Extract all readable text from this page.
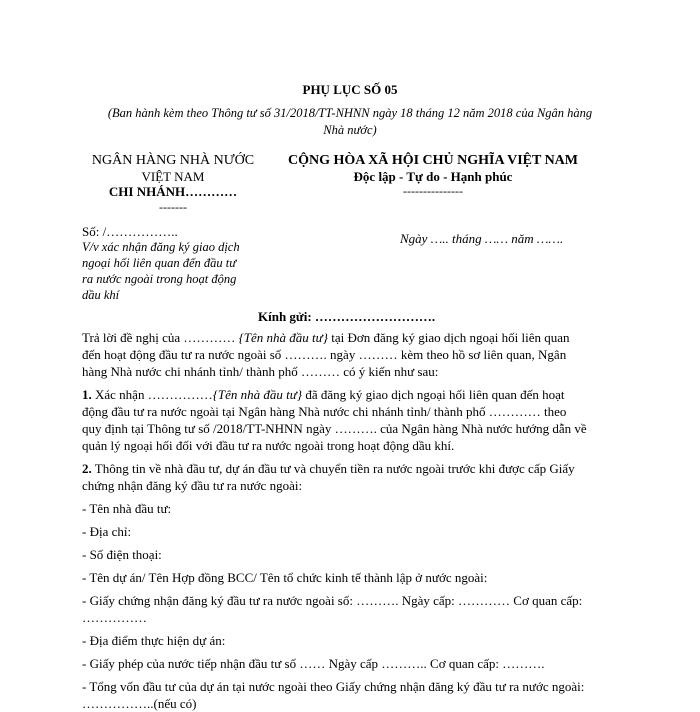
PHỤ LỤC SỐ 05
(Ban hành kèm theo Thông tư số 31/2018/TT-NHNN ngày 18 tháng 12 năm 2018 của Ngân hàng
Nhà nước)
NGÂN HÀNG NHÀ NƯỚC
VIỆT NAM
CHI NHÁNH…………
-------
CỘNG HÒA XÃ HỘI CHỦ NGHĨA VIỆT NAM
Độc lập - Tự do - Hạnh phúc
---------------
Số: /……………..
V/v xác nhận đăng ký giao dịch
ngoại hối liên quan đến đầu tư
ra nước ngoài trong hoạt động
dầu khí
Ngày ….. tháng …… năm …….
Kính gửi: ……………………….
Trả lời đề nghị của ………… {Tên nhà đầu tư} tại Đơn đăng ký giao dịch ngoại hối liên quan
đến hoạt động đầu tư ra nước ngoài số ………. ngày ……… kèm theo hồ sơ liên quan, Ngân
hàng Nhà nước chi nhánh tỉnh/ thành phố ……… có ý kiến như sau:
1. Xác nhận ……………{Tên nhà đầu tư} đã đăng ký giao dịch ngoại hối liên quan đến hoạt
động đầu tư ra nước ngoài tại Ngân hàng Nhà nước chi nhánh tỉnh/ thành phố ………… theo
quy định tại Thông tư số /2018/TT-NHNN ngày ………. của Ngân hàng Nhà nước hướng dẫn về
quản lý ngoại hối đối với đầu tư ra nước ngoài trong hoạt động dầu khí.
2. Thông tin về nhà đầu tư, dự án đầu tư và chuyển tiền ra nước ngoài trước khi được cấp Giấy
chứng nhận đăng ký đầu tư ra nước ngoài:
- Tên nhà đầu tư:
- Địa chỉ:
- Số điện thoại:
- Tên dự án/ Tên Hợp đồng BCC/ Tên tổ chức kinh tế thành lập ở nước ngoài:
- Giấy chứng nhận đăng ký đầu tư ra nước ngoài số: ………. Ngày cấp: ………… Cơ quan cấp:
……………
- Địa điểm thực hiện dự án:
- Giấy phép của nước tiếp nhận đầu tư số …… Ngày cấp ……….. Cơ quan cấp: ……….
- Tổng vốn đầu tư của dự án tại nước ngoài theo Giấy chứng nhận đăng ký đầu tư ra nước ngoài:
……………..(nếu có)
